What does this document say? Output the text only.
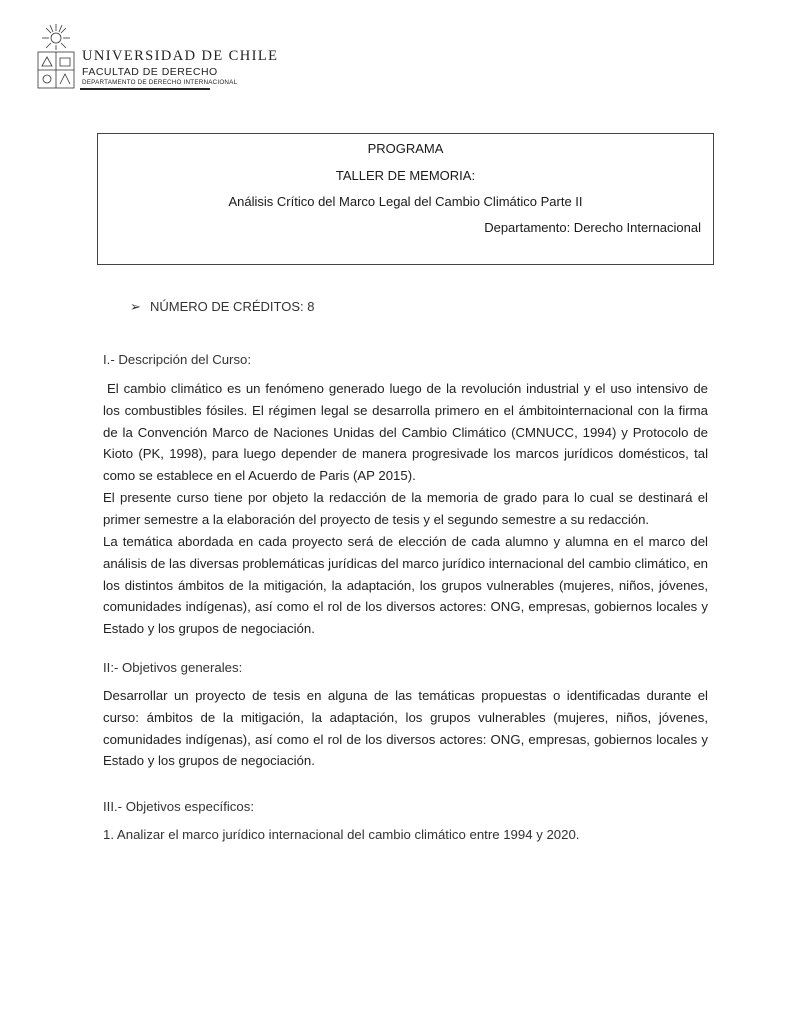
UNIVERSIDAD DE CHILE
FACULTAD DE DERECHO
DEPARTAMENTO DE DERECHO INTERNACIONAL
PROGRAMA
TALLER DE MEMORIA:
Análisis Crítico del Marco Legal del Cambio Climático Parte II
Departamento: Derecho Internacional
➢ NÚMERO DE CRÉDITOS: 8
I.- Descripción del Curso:
El cambio climático es un fenómeno generado luego de la revolución industrial y el uso intensivo de los combustibles fósiles. El régimen legal se desarrolla primero en el ámbitointernacional con la firma de la Convención Marco de Naciones Unidas del Cambio Climático (CMNUCC, 1994) y Protocolo de Kioto (PK, 1998), para luego depender de manera progresivade los marcos jurídicos domésticos, tal como se establece en el Acuerdo de Paris (AP 2015).
El presente curso tiene por objeto la redacción de la memoria de grado para lo cual se destinará el primer semestre a la elaboración del proyecto de tesis y el segundo semestre a su redacción.
La temática abordada en cada proyecto será de elección de cada alumno y alumna en el marco del análisis de las diversas problemáticas jurídicas del marco jurídico internacional del cambio climático, en los distintos ámbitos de la mitigación, la adaptación, los grupos vulnerables (mujeres, niños, jóvenes, comunidades indígenas), así como el rol de los diversos actores: ONG, empresas, gobiernos locales y Estado y los grupos de negociación.
II:- Objetivos generales:
Desarrollar un proyecto de tesis en alguna de las temáticas propuestas o identificadas durante el curso: ámbitos de la mitigación, la adaptación, los grupos vulnerables (mujeres, niños, jóvenes, comunidades indígenas), así como el rol de los diversos actores: ONG, empresas, gobiernos locales y Estado y los grupos de negociación.
III.- Objetivos específicos:
1. Analizar el marco jurídico internacional del cambio climático entre 1994 y 2020.
